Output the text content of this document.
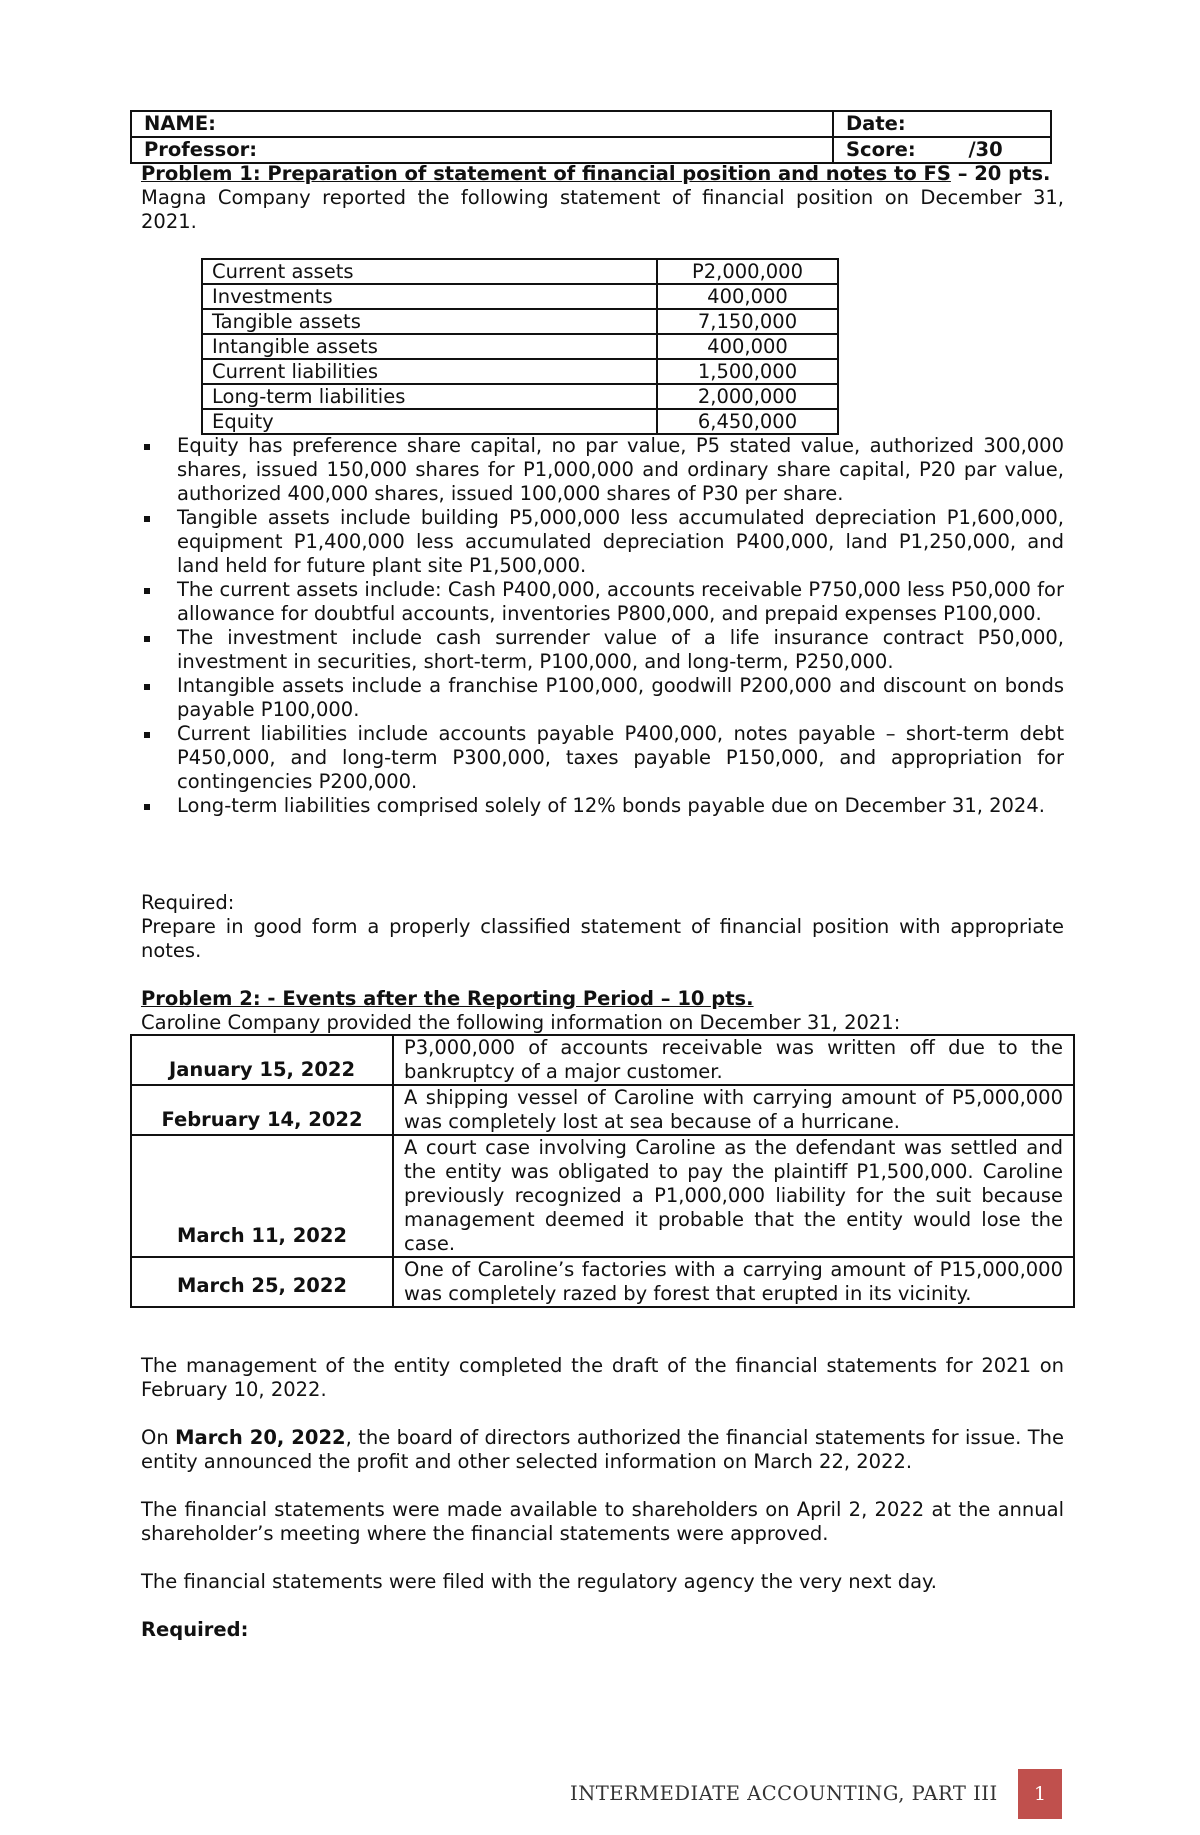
NAME:	Date:
Professor:	Score: /30

Problem 1: Preparation of statement of financial position and notes to FS – 20 pts.

Magna Company reported the following statement of financial position on December 31, 2021.

Current assets	P2,000,000
Investments	400,000
Tangible assets	7,150,000
Intangible assets	400,000
Current liabilities	1,500,000
Long-term liabilities	2,000,000
Equity	6,450,000
Equity has preference share capital, no par value, P5 stated value, authorized 300,000 shares, issued 150,000 shares for P1,000,000 and ordinary share capital, P20 par value, authorized 400,000 shares, issued 100,000 shares of P30 per share.
Tangible assets include building P5,000,000 less accumulated depreciation P1,600,000, equipment P1,400,000 less accumulated depreciation P400,000, land P1,250,000, and land held for future plant site P1,500,000.
The current assets include: Cash P400,000, accounts receivable P750,000 less P50,000 for allowance for doubtful accounts, inventories P800,000, and prepaid expenses P100,000.
The investment include cash surrender value of a life insurance contract P50,000, investment in securities, short-term, P100,000, and long-term, P250,000.
Intangible assets include a franchise P100,000, goodwill P200,000 and discount on bonds payable P100,000.
Current liabilities include accounts payable P400,000, notes payable – short-term debt P450,000, and long-term P300,000, taxes payable P150,000, and appropriation for contingencies P200,000.
Long-term liabilities comprised solely of 12% bonds payable due on December 31, 2024.

Required:

Prepare in good form a properly classified statement of financial position with appropriate notes.

Problem 2: - Events after the Reporting Period – 10 pts.

Caroline Company provided the following information on December 31, 2021:

January 15, 2022	P3,000,000 of accounts receivable was written off due to the bankruptcy of a major customer.
February 14, 2022	A shipping vessel of Caroline with carrying amount of P5,000,000 was completely lost at sea because of a hurricane.
March 11, 2022	A court case involving Caroline as the defendant was settled and the entity was obligated to pay the plaintiff P1,500,000. Caroline previously recognized a P1,000,000 liability for the suit because management deemed it probable that the entity would lose the case.
March 25, 2022	One of Caroline’s factories with a carrying amount of P15,000,000 was completely razed by forest that erupted in its vicinity.

The management of the entity completed the draft of the financial statements for 2021 on February 10, 2022.

On March 20, 2022, the board of directors authorized the financial statements for issue. The entity announced the profit and other selected information on March 22, 2022.

The financial statements were made available to shareholders on April 2, 2022 at the annual shareholder’s meeting where the financial statements were approved.

The financial statements were filed with the regulatory agency the very next day.

Required:

INTERMEDIATE ACCOUNTING, PART III	1
